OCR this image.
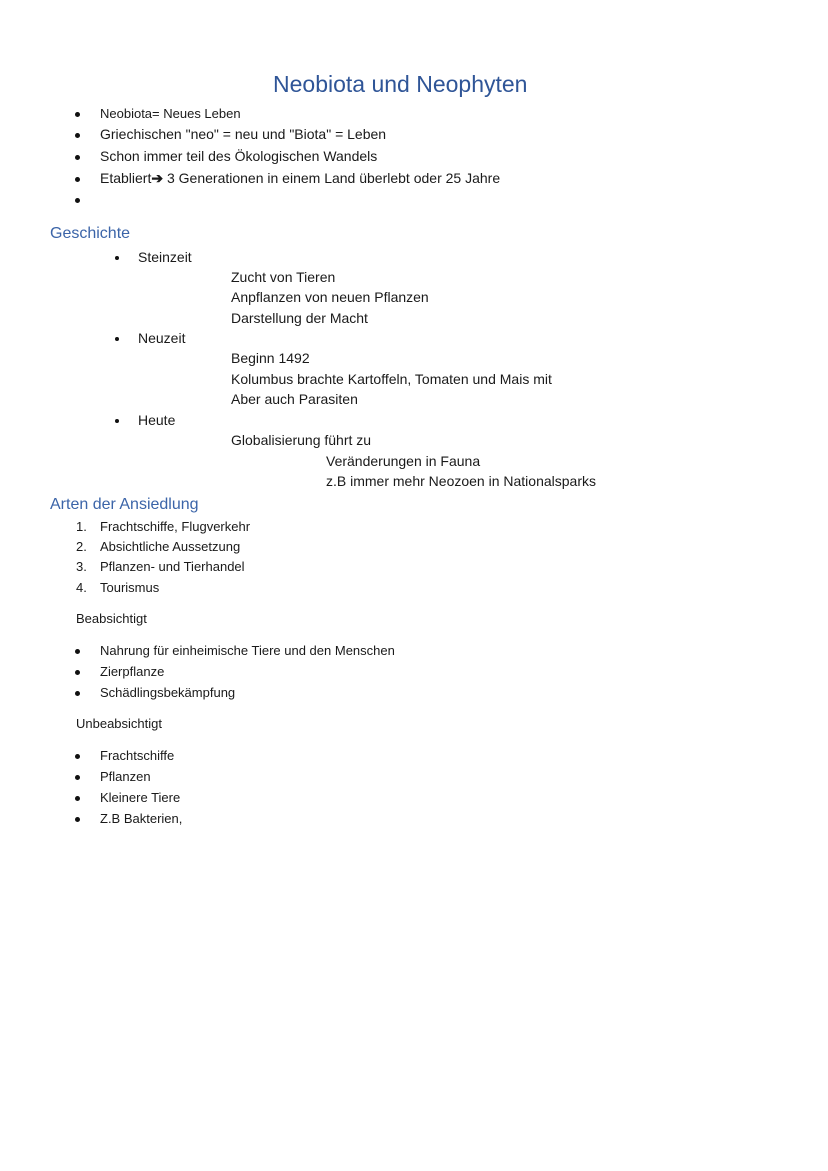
Neobiota und Neophyten
Neobiota= Neues Leben
Griechischen "neo" = neu und "Biota" = Leben
Schon immer teil des Ökologischen Wandels
Etabliert➔ 3 Generationen in einem Land überlebt oder 25 Jahre
Geschichte
Steinzeit
Zucht von Tieren
Anpflanzen von neuen Pflanzen
Darstellung der Macht
Neuzeit
Beginn 1492
Kolumbus brachte Kartoffeln, Tomaten und Mais mit
Aber auch Parasiten
Heute
Globalisierung führt zu
Veränderungen in Fauna
z.B immer mehr Neozoen in Nationalsparks
Arten der Ansiedlung
1. Frachtschiffe, Flugverkehr
2. Absichtliche Aussetzung
3. Pflanzen- und Tierhandel
4. Tourismus
Beabsichtigt
Nahrung für einheimische Tiere und den Menschen
Zierpflanze
Schädlingsbekämpfung
Unbeabsichtigt
Frachtschiffe
Pflanzen
Kleinere Tiere
Z.B Bakterien,
